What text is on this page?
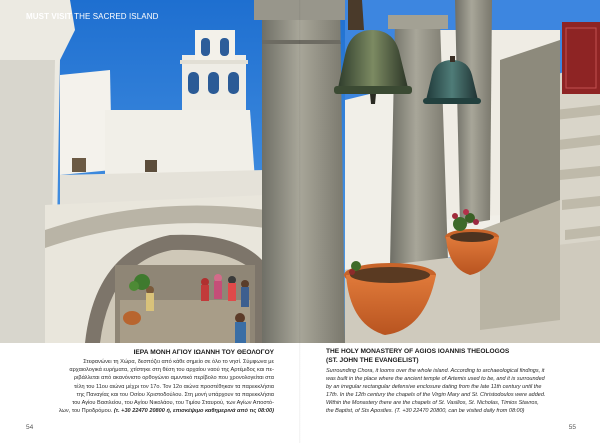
MUST VISIT THE SACRED ISLAND
ΙΕΡΑ ΜΟΝΗ ΑΓΙΟΥ ΙΩΑΝΝΗ ΤΟΥ ΘΕΟΛΟΓΟΥ
Στεφανώνει τη Χώρα, δεσπόζει από κάθε σημείο σε όλο το νησί. Σύμφωνα με
αρχαιολογικά ευρήματα, χτίστηκε στη θέση του αρχαίου ναού της Αρτέμιδος και πε-
ριβάλλεται από ακανόνιστο ορθογώνιο αμυντικό περίβολο που χρονολογείται στα
τέλη του 11ου αιώνα μέχρι τον 17ο. Τον 12ο αιώνα προστέθηκαν τα παρεκκλήσια
της Παναγίας και του Οσίου Χριστοδούλου. Στη μονή υπάρχουν τα παρεκκλήσια
του Αγίου Βασιλείου, του Αγίου Νικολάου, του Τιμίου Σταυρού, των Αγίων Αποστό-
λων, του Προδρόμου. (τ. +30 22470 20800 ή, επισκέψιμο καθημερινά από τις 08:00)
THE HOLY MONASTERY OF AGIOS IOANNIS THEOLOGOS
(ST. JOHN THE EVANGELIST)
Surrounding Chora, it looms over the whole island. According to archaeological findings, it
was built in the place where the ancient temple of Artemis used to be, and it is surrounded
by an irregular rectangular defensive enclosure dating from the late 11th century until the
17th. In the 12th century the chapels of the Virgin Mary and St. Christodoulos were added.
Within the Monastery there are the chapels of St. Vasilios, St. Nicholas, Timios Stavros,
the Baptist, of Sts Apostles. (T. +30 22470 20800, can be visited daily from 08:00)
54	55
